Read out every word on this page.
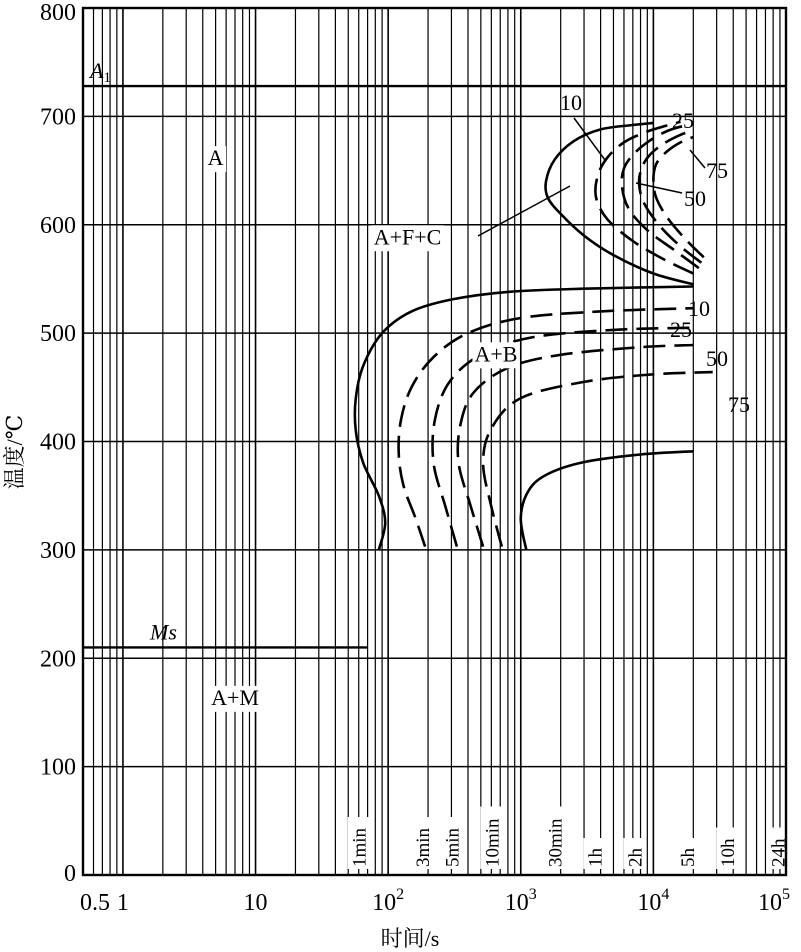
1min 3min 5min 10min 30min 1h 2h 5h 10h 24h
A1
Ms
10
25
50
75
10
25
50
75
A
A+F+C
A+B
A+M
800
700
600
500
400
300
200
100
0
0.5 1	10	$10^2$	$10^3$	$10^4$	$10^5$
时间/s
温度/℃
